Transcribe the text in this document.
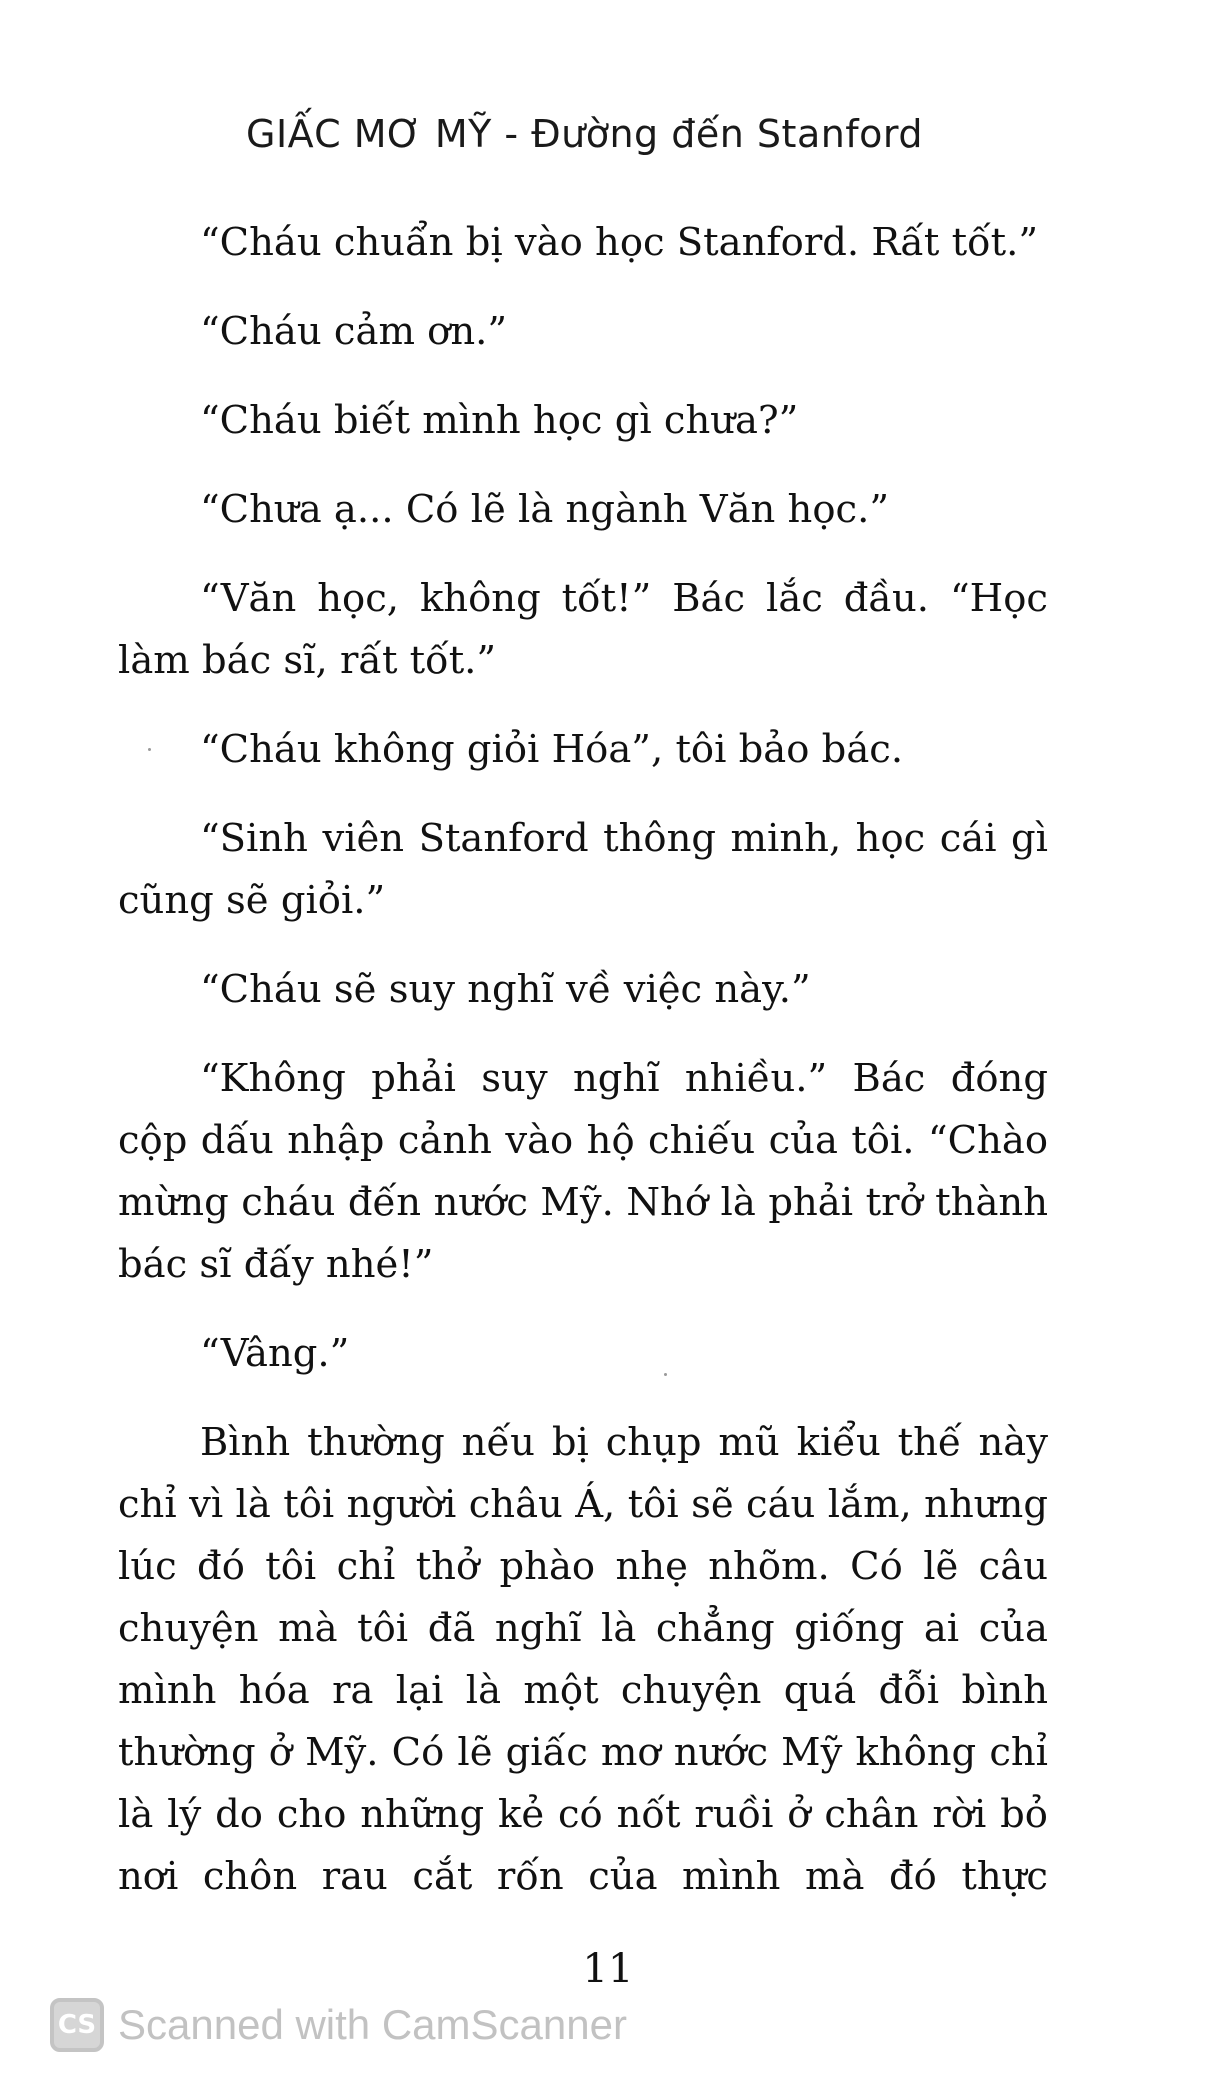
GIẤC MƠ MỸ - Đường đến Stanford

“Cháu chuẩn bị vào học Stanford. Rất tốt.”

“Cháu cảm ơn.”

“Cháu biết mình học gì chưa?”

“Chưa ạ... Có lẽ là ngành Văn học.”

“Văn học, không tốt!” Bác lắc đầu. “Học làm bác sĩ, rất tốt.”

“Cháu không giỏi Hóa”, tôi bảo bác.

“Sinh viên Stanford thông minh, học cái gì cũng sẽ giỏi.”

“Cháu sẽ suy nghĩ về việc này.”

“Không phải suy nghĩ nhiều.” Bác đóng cộp dấu nhập cảnh vào hộ chiếu của tôi. “Chào mừng cháu đến nước Mỹ. Nhớ là phải trở thành bác sĩ đấy nhé!”

“Vâng.”

Bình thường nếu bị chụp mũ kiểu thế này chỉ vì là tôi người châu Á, tôi sẽ cáu lắm, nhưng lúc đó tôi chỉ thở phào nhẹ nhõm. Có lẽ câu chuyện mà tôi đã nghĩ là chẳng giống ai của mình hóa ra lại là một chuyện quá đỗi bình thường ở Mỹ. Có lẽ giấc mơ nước Mỹ không chỉ là lý do cho những kẻ có nốt ruồi ở chân rời bỏ nơi chôn rau cắt rốn của mình mà đó thực

11
CS Scanned with CamScanner
